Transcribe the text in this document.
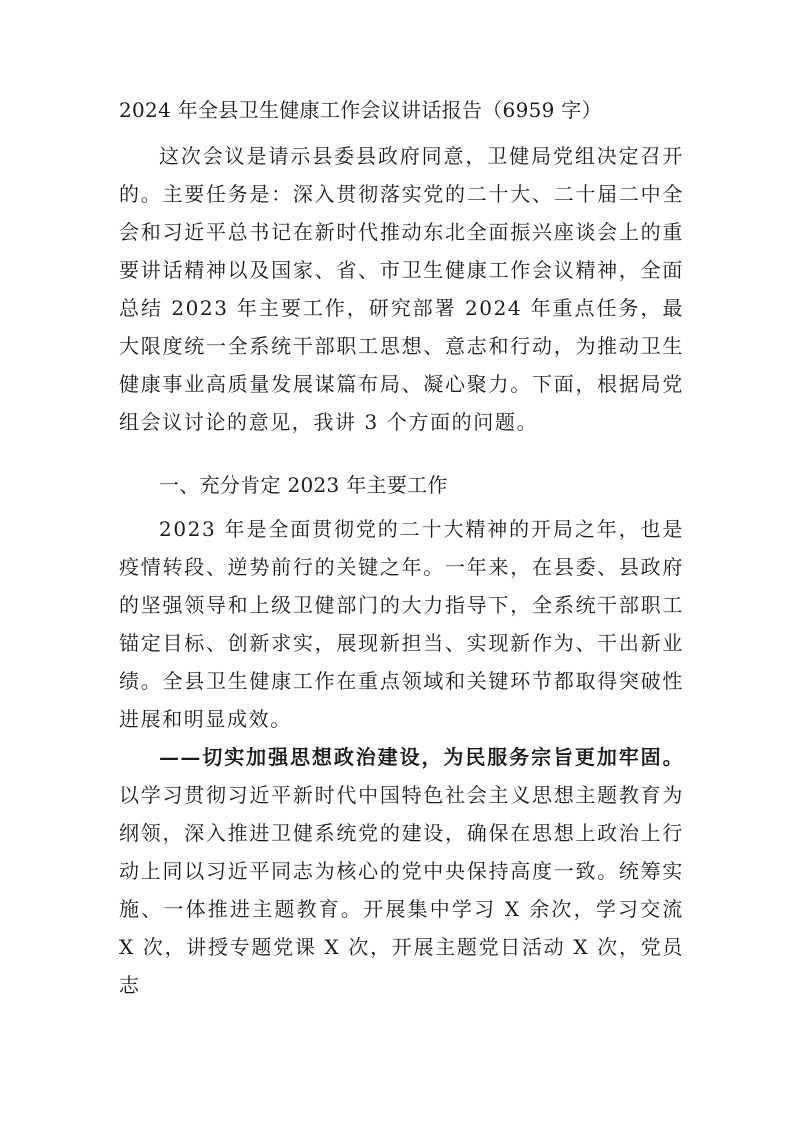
2024 年全县卫生健康工作会议讲话报告（6959 字）

这次会议是请示县委县政府同意，卫健局党组决定召开的。主要任务是：深入贯彻落实党的二十大、二十届二中全会和习近平总书记在新时代推动东北全面振兴座谈会上的重要讲话精神以及国家、省、市卫生健康工作会议精神，全面总结 2023 年主要工作，研究部署 2024 年重点任务，最大限度统一全系统干部职工思想、意志和行动，为推动卫生健康事业高质量发展谋篇布局、凝心聚力。下面，根据局党组会议讨论的意见，我讲 3 个方面的问题。

一、充分肯定 2023 年主要工作

2023 年是全面贯彻党的二十大精神的开局之年，也是疫情转段、逆势前行的关键之年。一年来，在县委、县政府的坚强领导和上级卫健部门的大力指导下，全系统干部职工锚定目标、创新求实，展现新担当、实现新作为、干出新业绩。全县卫生健康工作在重点领域和关键环节都取得突破性进展和明显成效。

——切实加强思想政治建设，为民服务宗旨更加牢固。以学习贯彻习近平新时代中国特色社会主义思想主题教育为纲领，深入推进卫健系统党的建设，确保在思想上政治上行动上同以习近平同志为核心的党中央保持高度一致。统筹实施、一体推进主题教育。开展集中学习 X 余次，学习交流 X 次，讲授专题党课 X 次，开展主题党日活动 X 次，党员志
